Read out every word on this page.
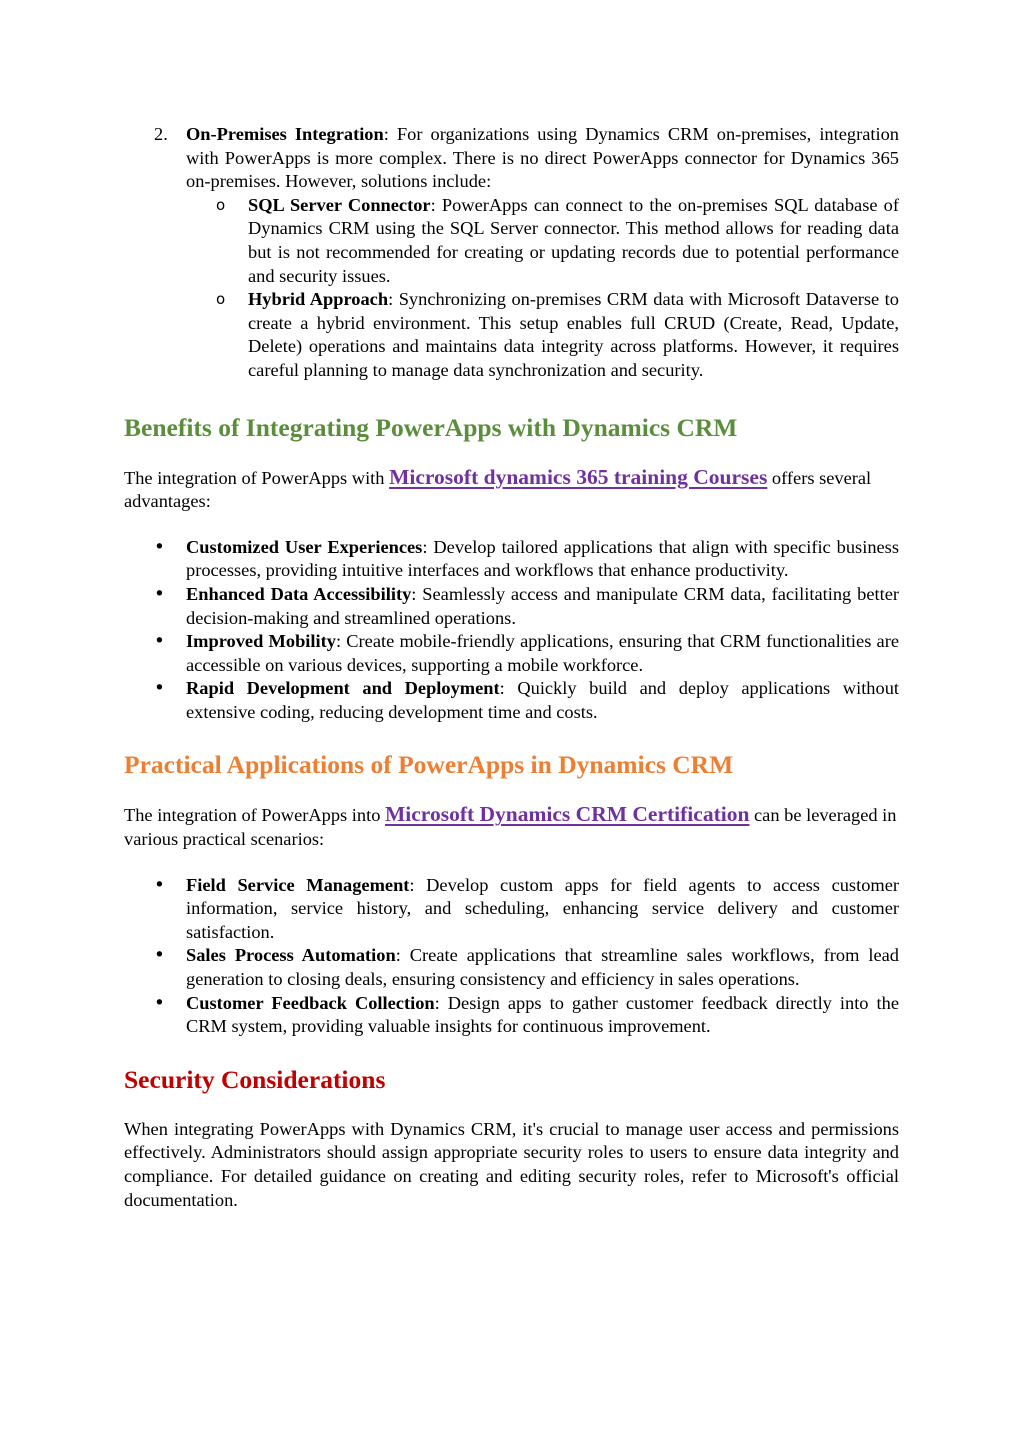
2. On-Premises Integration: For organizations using Dynamics CRM on-premises, integration with PowerApps is more complex. There is no direct PowerApps connector for Dynamics 365 on-premises. However, solutions include:
o SQL Server Connector: PowerApps can connect to the on-premises SQL database of Dynamics CRM using the SQL Server connector. This method allows for reading data but is not recommended for creating or updating records due to potential performance and security issues.
o Hybrid Approach: Synchronizing on-premises CRM data with Microsoft Dataverse to create a hybrid environment. This setup enables full CRUD (Create, Read, Update, Delete) operations and maintains data integrity across platforms. However, it requires careful planning to manage data synchronization and security.
Benefits of Integrating PowerApps with Dynamics CRM

The integration of PowerApps with Microsoft dynamics 365 training Courses offers several advantages:

• Customized User Experiences: Develop tailored applications that align with specific business processes, providing intuitive interfaces and workflows that enhance productivity.
• Enhanced Data Accessibility: Seamlessly access and manipulate CRM data, facilitating better decision-making and streamlined operations.
• Improved Mobility: Create mobile-friendly applications, ensuring that CRM functionalities are accessible on various devices, supporting a mobile workforce.
• Rapid Development and Deployment: Quickly build and deploy applications without extensive coding, reducing development time and costs.
Practical Applications of PowerApps in Dynamics CRM

The integration of PowerApps into Microsoft Dynamics CRM Certification can be leveraged in various practical scenarios:

• Field Service Management: Develop custom apps for field agents to access customer information, service history, and scheduling, enhancing service delivery and customer satisfaction.
• Sales Process Automation: Create applications that streamline sales workflows, from lead generation to closing deals, ensuring consistency and efficiency in sales operations.
• Customer Feedback Collection: Design apps to gather customer feedback directly into the CRM system, providing valuable insights for continuous improvement.
Security Considerations

When integrating PowerApps with Dynamics CRM, it's crucial to manage user access and permissions effectively. Administrators should assign appropriate security roles to users to ensure data integrity and compliance. For detailed guidance on creating and editing security roles, refer to Microsoft's official documentation.
